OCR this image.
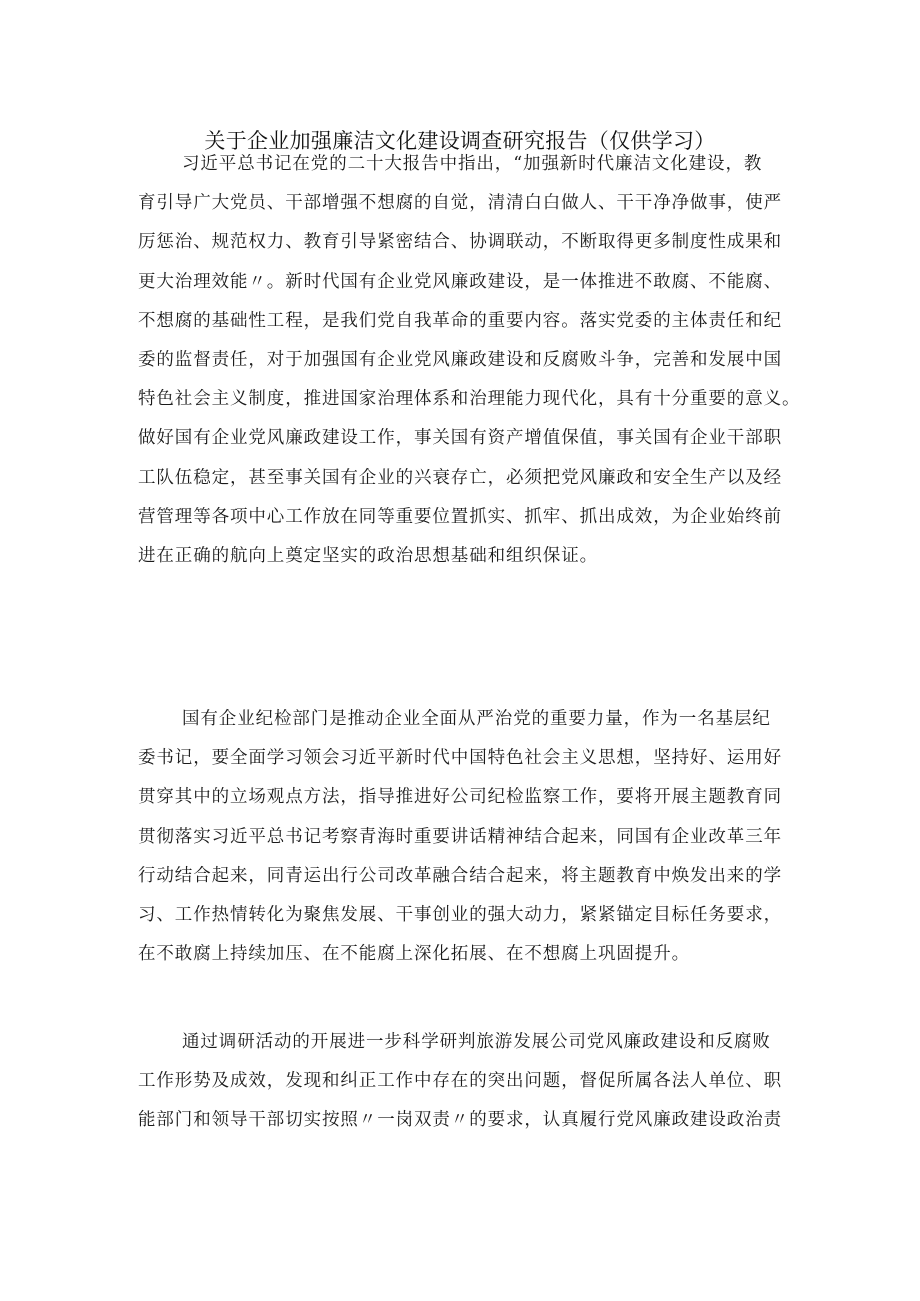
关于企业加强廉洁文化建设调查研究报告（仅供学习）
习近平总书记在党的二十大报告中指出，“加强新时代廉洁文化建设，教
育引导广大党员、干部增强不想腐的自觉，清清白白做人、干干净净做事，使严
厉惩治、规范权力、教育引导紧密结合、协调联动，不断取得更多制度性成果和
更大治理效能〃。新时代国有企业党风廉政建设，是一体推进不敢腐、不能腐、
不想腐的基础性工程，是我们党自我革命的重要内容。落实党委的主体责任和纪
委的监督责任，对于加强国有企业党风廉政建设和反腐败斗争，完善和发展中国
特色社会主义制度，推进国家治理体系和治理能力现代化，具有十分重要的意义。
做好国有企业党风廉政建设工作，事关国有资产增值保值，事关国有企业干部职
工队伍稳定，甚至事关国有企业的兴衰存亡，必须把党风廉政和安全生产以及经
营管理等各项中心工作放在同等重要位置抓实、抓牢、抓出成效，为企业始终前
进在正确的航向上奠定坚实的政治思想基础和组织保证。
国有企业纪检部门是推动企业全面从严治党的重要力量，作为一名基层纪
委书记，要全面学习领会习近平新时代中国特色社会主义思想，坚持好、运用好
贯穿其中的立场观点方法，指导推进好公司纪检监察工作，要将开展主题教育同
贯彻落实习近平总书记考察青海时重要讲话精神结合起来，同国有企业改革三年
行动结合起来，同青运出行公司改革融合结合起来，将主题教育中焕发出来的学
习、工作热情转化为聚焦发展、干事创业的强大动力，紧紧锚定目标任务要求，
在不敢腐上持续加压、在不能腐上深化拓展、在不想腐上巩固提升。
通过调研活动的开展进一步科学研判旅游发展公司党风廉政建设和反腐败
工作形势及成效，发现和纠正工作中存在的突出问题，督促所属各法人单位、职
能部门和领导干部切实按照〃一岗双责〃的要求，认真履行党风廉政建设政治责
